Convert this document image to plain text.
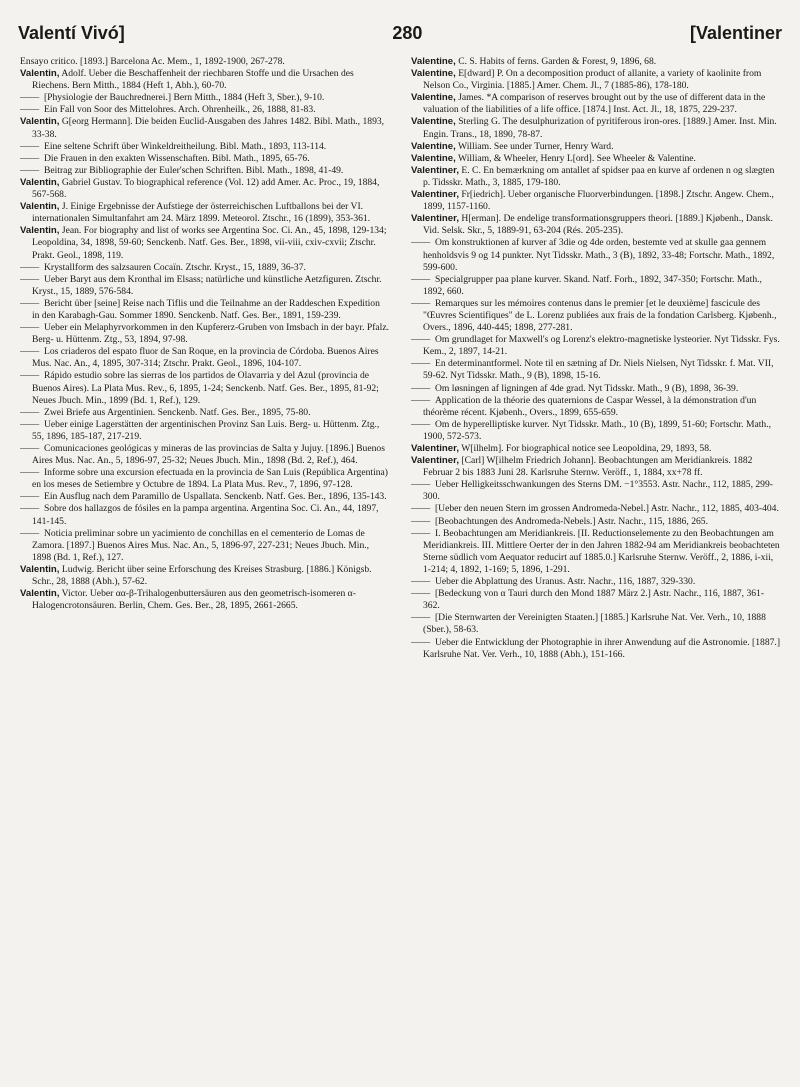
Valentí Vivó]	280	[Valentiner

Ensayo critico. [1893.] Barcelona Ac. Mem., 1, 1892-1900, 267-278.

Valentin, Adolf. Ueber die Beschaffenheit der riechbaren Stoffe und die Ursachen des Riechens. Bern Mitth., 1884 (Heft 1, Abh.), 60-70.

—— [Physiologie der Bauchrednerei.] Bern Mitth., 1884 (Heft 3, Sber.), 9-10.

—— Ein Fall von Soor des Mittelohres. Arch. Ohrenheilk., 26, 1888, 81-83.

Valentin, G[eorg Hermann]. Die beiden Euclid-Ausgaben des Jahres 1482. Bibl. Math., 1893, 33-38.

—— Eine seltene Schrift über Winkeldreitheilung. Bibl. Math., 1893, 113-114.

—— Die Frauen in den exakten Wissenschaften. Bibl. Math., 1895, 65-76.

—— Beitrag zur Bibliographie der Euler'schen Schriften. Bibl. Math., 1898, 41-49.

Valentin, Gabriel Gustav. To biographical reference (Vol. 12) add Amer. Ac. Proc., 19, 1884, 567-568.

Valentin, J. Einige Ergebnisse der Aufstiege der österreichischen Luftballons bei der VI. internationalen Simultanfahrt am 24. März 1899. Meteorol. Ztschr., 16 (1899), 353-361.

Valentin, Jean. For biography and list of works see Argentina Soc. Ci. An., 45, 1898, 129-134; Leopoldina, 34, 1898, 59-60; Senckenb. Natf. Ges. Ber., 1898, vii-viii, cxiv-cxvii; Ztschr. Prakt. Geol., 1898, 119.

—— Krystallform des salzsauren Cocaïn. Ztschr. Kryst., 15, 1889, 36-37.

—— Ueber Baryt aus dem Kronthal im Elsass; natürliche und künstliche Aetzfiguren. Ztschr. Kryst., 15, 1889, 576-584.

—— Bericht über [seine] Reise nach Tiflis und die Teilnahme an der Raddeschen Expedition in den Karabagh-Gau. Sommer 1890. Senckenb. Natf. Ges. Ber., 1891, 159-239.

—— Ueber ein Melaphyrvorkommen in den Kupfererz-Gruben von Imsbach in der bayr. Pfalz. Berg- u. Hüttenm. Ztg., 53, 1894, 97-98.

—— Los criaderos del espato fluor de San Roque, en la provincia de Córdoba. Buenos Aires Mus. Nac. An., 4, 1895, 307-314; Ztschr. Prakt. Geol., 1896, 104-107.

—— Rápido estudio sobre las sierras de los partidos de Olavarria y del Azul (provincia de Buenos Aires). La Plata Mus. Rev., 6, 1895, 1-24; Senckenb. Natf. Ges. Ber., 1895, 81-92; Neues Jbuch. Min., 1899 (Bd. 1, Ref.), 129.

—— Zwei Briefe aus Argentinien. Senckenb. Natf. Ges. Ber., 1895, 75-80.

—— Ueber einige Lagerstätten der argentinischen Provinz San Luis. Berg- u. Hüttenm. Ztg., 55, 1896, 185-187, 217-219.

—— Comunicaciones geológicas y mineras de las provincias de Salta y Jujuy. [1896.] Buenos Aires Mus. Nac. An., 5, 1896-97, 25-32; Neues Jbuch. Min., 1898 (Bd. 2, Ref.), 464.

—— Informe sobre una excursion efectuada en la provincia de San Luis (República Argentina) en los meses de Setiembre y Octubre de 1894. La Plata Mus. Rev., 7, 1896, 97-128.

—— Ein Ausflug nach dem Paramillo de Uspallata. Senckenb. Natf. Ges. Ber., 1896, 135-143.

—— Sobre dos hallazgos de fósiles en la pampa argentina. Argentina Soc. Ci. An., 44, 1897, 141-145.

—— Noticia preliminar sobre un yacimiento de conchillas en el cementerio de Lomas de Zamora. [1897.] Buenos Aires Mus. Nac. An., 5, 1896-97, 227-231; Neues Jbuch. Min., 1898 (Bd. 1, Ref.), 127.

Valentin, Ludwig. Bericht über seine Erforschung des Kreises Strasburg. [1886.] Königsb. Schr., 28, 1888 (Abh.), 57-62.

Valentin, Victor. Ueber αα-β-Trihalogenbuttersäuren aus den geometrisch-isomeren α-Halogencrotonsäuren. Berlin, Chem. Ges. Ber., 28, 1895, 2661-2665.

Valentine, C. S. Habits of ferns. Garden & Forest, 9, 1896, 68.

Valentine, E[dward] P. On a decomposition product of allanite, a variety of kaolinite from Nelson Co., Virginia. [1885.] Amer. Chem. Jl., 7 (1885-86), 178-180.

Valentine, James. *A comparison of reserves brought out by the use of different data in the valuation of the liabilities of a life office. [1874.] Inst. Act. Jl., 18, 1875, 229-237.

Valentine, Sterling G. The desulphurization of pyritiferous iron-ores. [1889.] Amer. Inst. Min. Engin. Trans., 18, 1890, 78-87.

Valentine, William. See under Turner, Henry Ward.

Valentine, William, & Wheeler, Henry L[ord]. See Wheeler & Valentine.

Valentiner, E. C. En bemærkning om antallet af spidser paa en kurve af ordenen n og slægten p. Tidsskr. Math., 3, 1885, 179-180.

Valentiner, Fr[iedrich]. Ueber organische Fluorverbindungen. [1898.] Ztschr. Angew. Chem., 1899, 1157-1160.

Valentiner, H[erman]. De endelige transformationsgruppers theori. [1889.] Kjøbenh., Dansk. Vid. Selsk. Skr., 5, 1889-91, 63-204 (Rés. 205-235).

—— Om konstruktionen af kurver af 3die og 4de orden, bestemte ved at skulle gaa gennem henholdsvis 9 og 14 punkter. Nyt Tidsskr. Math., 3 (B), 1892, 33-48; Fortschr. Math., 1892, 599-600.

—— Specialgrupper paa plane kurver. Skand. Natf. Forh., 1892, 347-350; Fortschr. Math., 1892, 660.

—— Remarques sur les mémoires contenus dans le premier [et le deuxième] fascicule des "Œuvres Scientifiques" de L. Lorenz publiées aux frais de la fondation Carlsberg. Kjøbenh., Overs., 1896, 440-445; 1898, 277-281.

—— Om grundlaget for Maxwell's og Lorenz's elektro-magnetiske lysteorier. Nyt Tidsskr. Fys. Kem., 2, 1897, 14-21.

—— En determinantformel. Note til en sætning af Dr. Niels Nielsen, Nyt Tidsskr. f. Mat. VII, 59-62. Nyt Tidsskr. Math., 9 (B), 1898, 15-16.

—— Om løsningen af ligningen af 4de grad. Nyt Tidsskr. Math., 9 (B), 1898, 36-39.

—— Application de la théorie des quaternions de Caspar Wessel, à la démonstration d'un théorème récent. Kjøbenh., Overs., 1899, 655-659.

—— Om de hyperelliptiske kurver. Nyt Tidsskr. Math., 10 (B), 1899, 51-60; Fortschr. Math., 1900, 572-573.

Valentiner, W[ilhelm]. For biographical notice see Leopoldina, 29, 1893, 58.

Valentiner, [Carl] W[ilhelm Friedrich Johann]. Beobachtungen am Meridiankreis. 1882 Februar 2 bis 1883 Juni 28. Karlsruhe Sternw. Veröff., 1, 1884, xx+78 ff.

—— Ueber Helligkeitsschwankungen des Sterns DM. −1°3553. Astr. Nachr., 112, 1885, 299-300.

—— [Ueber den neuen Stern im grossen Andromeda-Nebel.] Astr. Nachr., 112, 1885, 403-404.

—— [Beobachtungen des Andromeda-Nebels.] Astr. Nachr., 115, 1886, 265.

—— I. Beobachtungen am Meridiankreis. [II. Reductionselemente zu den Beobachtungen am Meridiankreis. III. Mittlere Oerter der in den Jahren 1882-94 am Meridiankreis beobachteten Sterne südlich vom Aequator reducirt auf 1885.0.] Karlsruhe Sternw. Veröff., 2, 1886, i-xii, 1-214; 4, 1892, 1-169; 5, 1896, 1-291.

—— Ueber die Abplattung des Uranus. Astr. Nachr., 116, 1887, 329-330.

—— [Bedeckung von α Tauri durch den Mond 1887 März 2.] Astr. Nachr., 116, 1887, 361-362.

—— [Die Sternwarten der Vereinigten Staaten.] [1885.] Karlsruhe Nat. Ver. Verh., 10, 1888 (Sber.), 58-63.

—— Ueber die Entwicklung der Photographie in ihrer Anwendung auf die Astronomie. [1887.] Karlsruhe Nat. Ver. Verh., 10, 1888 (Abh.), 151-166.
